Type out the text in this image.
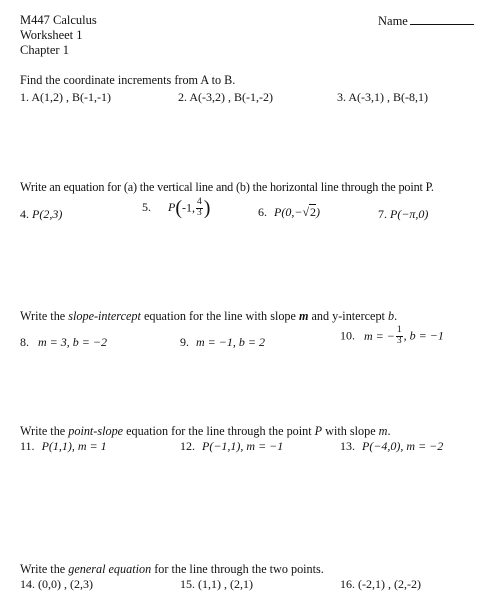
M447 Calculus
Worksheet 1
Chapter 1
Name
Find the coordinate increments from A to B.
1. A(1,2) , B(-1,-1)	2. A(-3,2) , B(-1,-2)	3. A(-3,1) , B(-8,1)
Write an equation for (a) the vertical line and (b) the horizontal line through the point P.
4. P(2,3)
5. P(-1, $\frac{4}{3}$ )	6. P(0,−√2)	7. P(−π,0)
Write the slope-intercept equation for the line with slope m and y-intercept b.
8. m = 3, b = −2	9. m = −1, b = 2	10. m = − $\frac{1}{3}$ , b = −1
Write the point-slope equation for the line through the point P with slope m.
11. P(1,1), m = 1	12. P(−1,1), m = −1	13. P(−4,0), m = −2
Write the general equation for the line through the two points.
14. (0,0) , (2,3)	15. (1,1) , (2,1)	16. (-2,1) , (2,-2)
